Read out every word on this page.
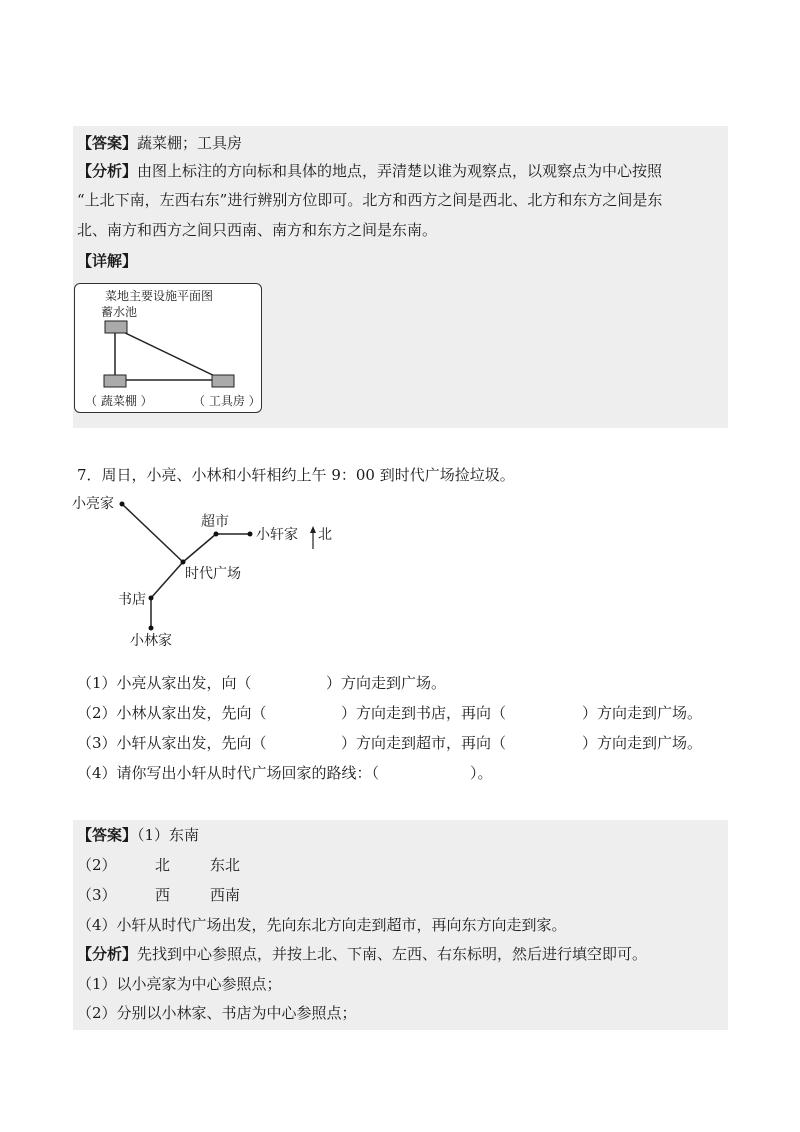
【答案】蔬菜棚；工具房
【分析】由图上标注的方向标和具体的地点，弄清楚以谁为观察点，以观察点为中心按照
“上北下南，左西右东”进行辨别方位即可。北方和西方之间是西北、北方和东方之间是东
北、南方和西方之间只西南、南方和东方之间是东南。
【详解】
菜地主要设施平面图
蓄水池
（ 蔬菜棚 ）	（ 工具房 ）
7．周日，小亮、小林和小轩相约上午 9：00 到时代广场捡垃圾。
小亮家
超市
小轩家 北
时代广场
书店
小林家
（1）小亮从家出发，向（	）方向走到广场。
（2）小林从家出发，先向（	）方向走到书店，再向（	）方向走到广场。
（3）小轩从家出发，先向（	）方向走到超市，再向（	）方向走到广场。
（4）请你写出小轩从时代广场回家的路线：（	）。
【答案】（1）东南
（2）	北	东北
（3）	西	西南
（4）小轩从时代广场出发，先向东北方向走到超市，再向东方向走到家。
【分析】先找到中心参照点，并按上北、下南、左西、右东标明，然后进行填空即可。
（1）以小亮家为中心参照点；
（2）分别以小林家、书店为中心参照点；
